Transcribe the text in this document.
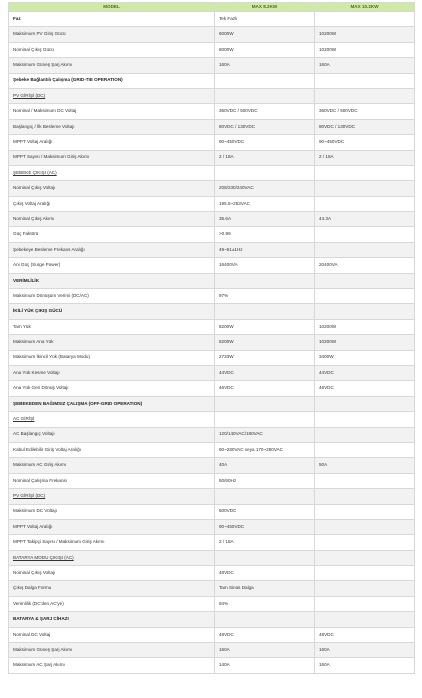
MODEL	MAX 8.2KW	MAX 10.2KW
Faz	Tek Fazlı	
Maksimum PV Giriş Gücü	6000W	10200W
Nominal Çıkış Gücü	8000W	10200W
Maksimum Güneş Şarj Akımı	160A	160A
Şebeke Bağlantılı Çalışma (GRID-TIE OPERATION)		
PV GİRİŞİ (DC)		
Nominal / Maksimum DC Voltaj	360VDC / 500VDC	360VDC / 500VDC
Başlangıç / İlk Besleme Voltajı	80VDC / 130VDC	80VDC / 130VDC
MPPT Voltaj Aralığı	90~450VDC	90~450VDC
MPPT Sayısı / Maksimum Giriş Akımı	2 / 18A	2 / 18A
ŞEBEKE ÇIKIŞI (AC)		
Nominal Çıkış Voltajı	208/230/240VAC	
Çıkış Voltaj Aralığı	195.5~253VAC	
Nominal Çıkış Akımı	35.6A	44.3A
Güç Faktörü	>0.99	
Şebekeye Besleme Frekans Aralığı	49~51±1Hz	
Ani Güç (Surge Power)	16400VA	20400VA
VERİMLİLİK		
Maksimum Dönüşüm Verimi (DC/AC)	97%	
İKİLİ YÜK ÇIKIŞ GÜCÜ		
Tam Yük	8200W	10200W
Maksimum Ana Yük	8200W	10200W
Maksimum İkincil Yük (Batarya Modu)	2733W	3400W
Ana Yük Kesme Voltajı	44VDC	44VDC
Ana Yük Geri Dönüş Voltajı	46VDC	46VDC
ŞEBEKEDEN BAĞIMSIZ ÇALIŞMA (OFF-GRID OPERATION)		
AC GİRİŞİ		
AC Başlangıç Voltajı	120/140VAC/180VAC	
Kabul Edilebilir Giriş Voltaj Aralığı	90~280VAC veya 170~280VAC	
Maksimum AC Giriş Akımı	40A	50A
Nominal Çalışma Frekansı	50/60Hz	
PV GİRİŞİ (DC)		
Maksimum DC Voltajı	500VDC	
MPPT Voltaj Aralığı	90~450VDC	
MPPT Takipçi Sayısı / Maksimum Giriş Akımı	2 / 18A	
BATARYA MODU ÇIKIŞI (AC)		
Nominal Çıkış Voltajı	48VDC	
Çıkış Dalga Formu	Tam Sinüs Dalga	
Verimlilik (DC'den AC'ye)	94%	
BATARYA & ŞARJ CİHAZI		
Nominal DC Voltaj	48VDC	48VDC
Maksimum Güneş Şarj Akımı	160A	160A
Maksimum AC Şarj Akımı	140A	160A
